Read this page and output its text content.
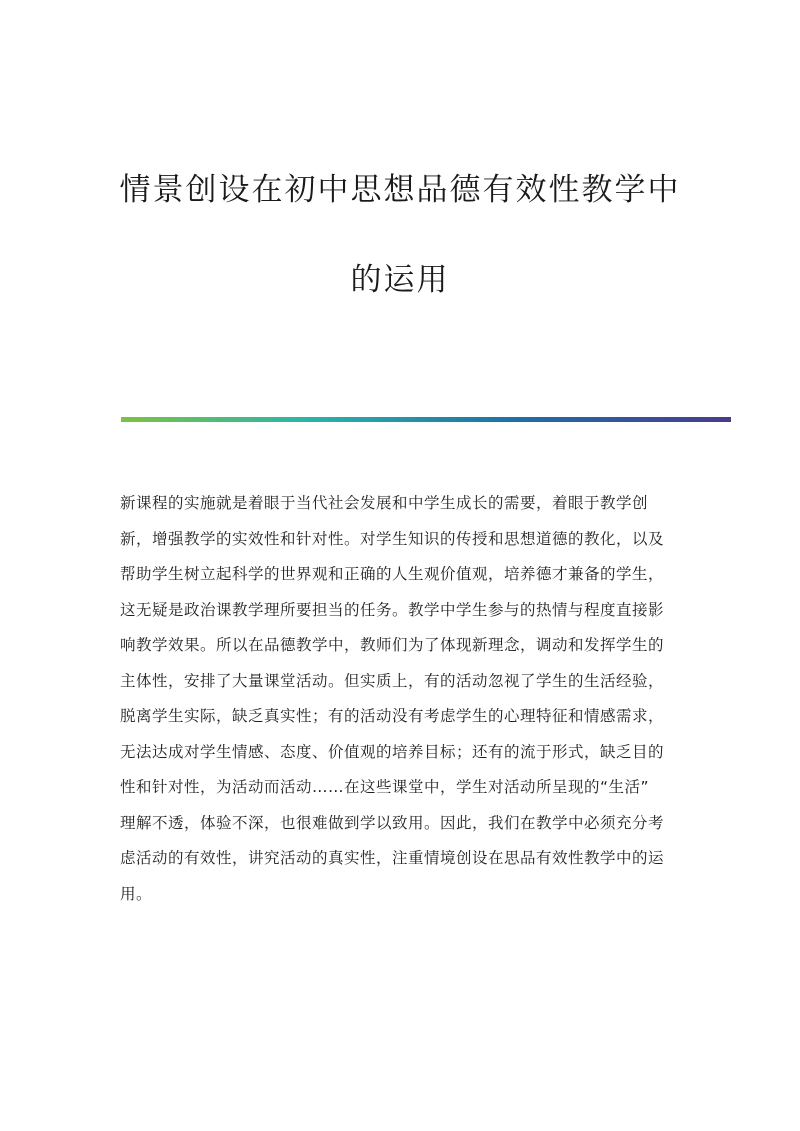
情景创设在初中思想品德有效性教学中

的运用

新课程的实施就是着眼于当代社会发展和中学生成长的需要，着眼于教学创
新，增强教学的实效性和针对性。对学生知识的传授和思想道德的教化，以及
帮助学生树立起科学的世界观和正确的人生观价值观，培养德才兼备的学生，
这无疑是政治课教学理所要担当的任务。教学中学生参与的热情与程度直接影
响教学效果。所以在品德教学中，教师们为了体现新理念，调动和发挥学生的
主体性，安排了大量课堂活动。但实质上，有的活动忽视了学生的生活经验，
脱离学生实际，缺乏真实性；有的活动没有考虑学生的心理特征和情感需求，
无法达成对学生情感、态度、价值观的培养目标；还有的流于形式，缺乏目的
性和针对性，为活动而活动……在这些课堂中，学生对活动所呈现的“生活”
理解不透，体验不深，也很难做到学以致用。因此，我们在教学中必须充分考
虑活动的有效性，讲究活动的真实性，注重情境创设在思品有效性教学中的运
用。
